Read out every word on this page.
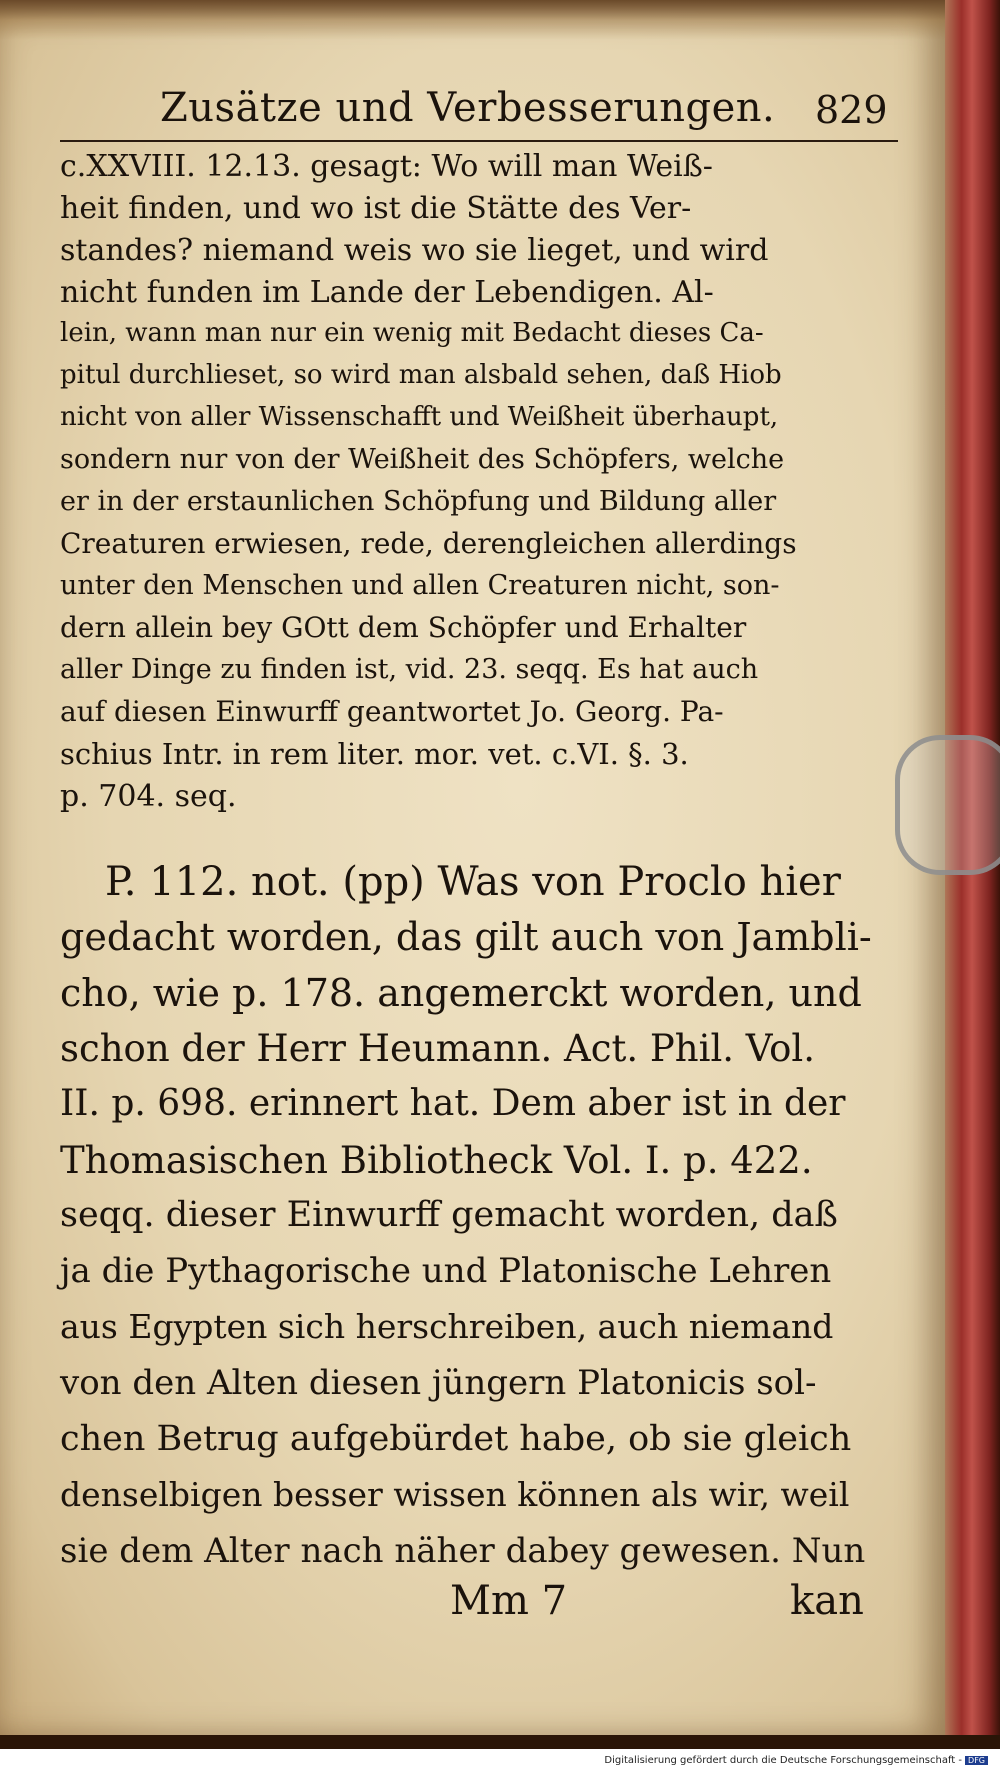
Zusätze und Verbesserungen. 829
c.XXVIII. 12.13. gesagt: Wo will man Weiß-
heit finden, und wo ist die Stätte des Ver-
standes? niemand weis wo sie lieget, und wird
nicht funden im Lande der Lebendigen. Al-
lein, wann man nur ein wenig mit Bedacht dieses Ca-
pitul durchlieset, so wird man alsbald sehen, daß Hiob
nicht von aller Wissenschafft und Weißheit überhaupt,
sondern nur von der Weißheit des Schöpfers, welche
er in der erstaunlichen Schöpfung und Bildung aller
Creaturen erwiesen, rede, derengleichen allerdings
unter den Menschen und allen Creaturen nicht, son-
dern allein bey GOtt dem Schöpfer und Erhalter
aller Dinge zu finden ist, vid. 23. seqq. Es hat auch
auf diesen Einwurff geantwortet Jo. Georg. Pa-
schius Intr. in rem liter. mor. vet. c.VI. §. 3.
p. 704. seq.
P. 112. not. (pp) Was von Proclo hier
gedacht worden, das gilt auch von Jambli-
cho, wie p. 178. angemerckt worden, und
schon der Herr Heumann. Act. Phil. Vol.
II. p. 698. erinnert hat. Dem aber ist in der
Thomasischen Bibliotheck Vol. I. p. 422.
seqq. dieser Einwurff gemacht worden, daß
ja die Pythagorische und Platonische Lehren
aus Egypten sich herschreiben, auch niemand
von den Alten diesen jüngern Platonicis sol-
chen Betrug aufgebürdet habe, ob sie gleich
denselbigen besser wissen können als wir, weil
sie dem Alter nach näher dabey gewesen. Nun
Mm 7	kan
Digitalisierung gefördert durch die Deutsche Forschungsgemeinschaft - DFG
